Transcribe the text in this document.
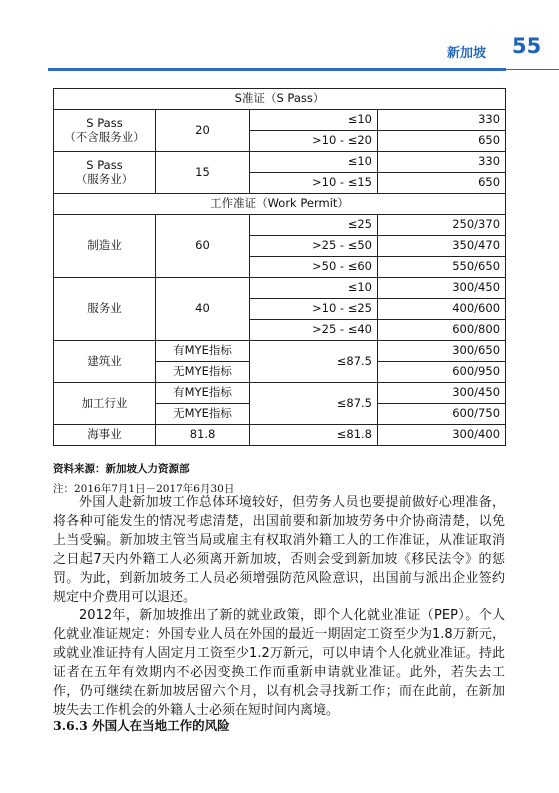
新加坡 55
S准证（S Pass）			
S Pass
（不含服务业）	20	≤10	330
		>10 - ≤20	650
S Pass
（服务业）	15	≤10	330
		>10 - ≤15	650
工作准证（Work Permit）			
制造业	60	≤25	250/370
		>25 - ≤50	350/470
		>50 - ≤60	550/650
服务业	40	≤10	300/450
		>10 - ≤25	400/600
		>25 - ≤40	600/800
建筑业	有MYE指标	≤87.5	300/650
	无MYE指标		600/950
加工行业	有MYE指标	≤87.5	300/450
	无MYE指标		600/750
海事业	81.8	≤81.8	300/400
资料来源：新加坡人力资源部
注：2016年7月1日－2017年6月30日

外国人赴新加坡工作总体环境较好，但劳务人员也要提前做好心理准备，将各种可能发生的情况考虑清楚，出国前要和新加坡劳务中介协商清楚，以免上当受骗。新加坡主管当局或雇主有权取消外籍工人的工作准证，从准证取消之日起7天内外籍工人必须离开新加坡，否则会受到新加坡《移民法令》的惩罚。为此，到新加坡务工人员必须增强防范风险意识，出国前与派出企业签约规定中介费用可以退还。

2012年，新加坡推出了新的就业政策，即个人化就业准证（PEP）。个人化就业准证规定：外国专业人员在外国的最近一期固定工资至少为1.8万新元，或就业准证持有人固定月工资至少1.2万新元，可以申请个人化就业准证。持此证者在五年有效期内不必因变换工作而重新申请就业准证。此外，若失去工作，仍可继续在新加坡居留六个月，以有机会寻找新工作；而在此前，在新加坡失去工作机会的外籍人士必须在短时间内离境。

3.6.3 外国人在当地工作的风险
